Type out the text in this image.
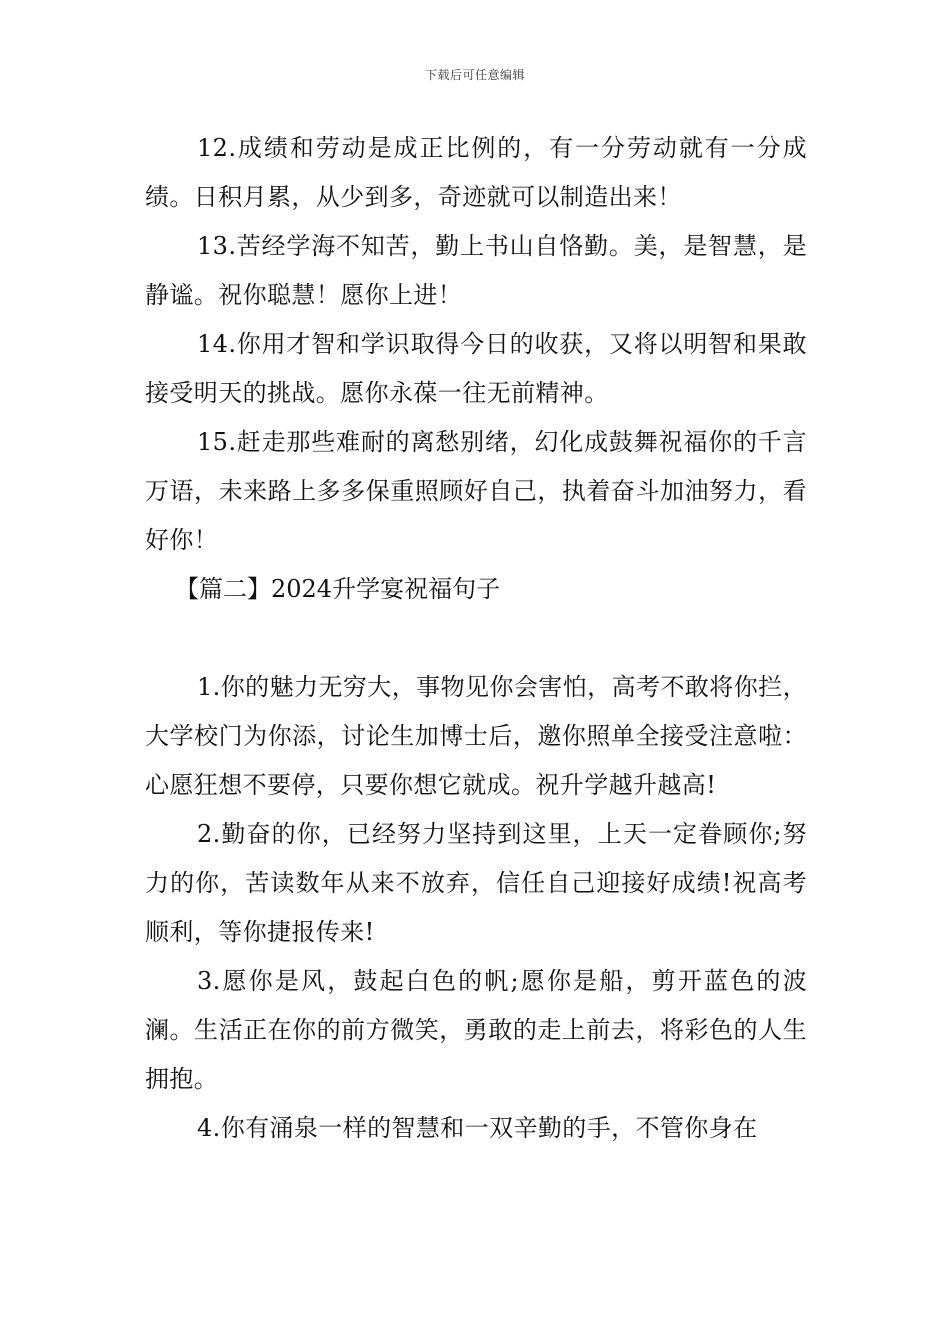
下载后可任意编辑

12.成绩和劳动是成正比例的，有一分劳动就有一分成绩。日积月累，从少到多，奇迹就可以制造出来！

13.苦经学海不知苦，勤上书山自恪勤。美，是智慧，是静谧。祝你聪慧！愿你上进！

14.你用才智和学识取得今日的收获，又将以明智和果敢接受明天的挑战。愿你永葆一往无前精神。

15.赶走那些难耐的离愁别绪，幻化成鼓舞祝福你的千言万语，未来路上多多保重照顾好自己，执着奋斗加油努力，看好你！

【篇二】2024升学宴祝福句子

1.你的魅力无穷大，事物见你会害怕，高考不敢将你拦，大学校门为你添，讨论生加博士后，邀你照单全接受注意啦：心愿狂想不要停，只要你想它就成。祝升学越升越高!

2.勤奋的你，已经努力坚持到这里，上天一定眷顾你;努力的你，苦读数年从来不放弃，信任自己迎接好成绩!祝高考顺利，等你捷报传来!

3.愿你是风，鼓起白色的帆;愿你是船，剪开蓝色的波澜。生活正在你的前方微笑，勇敢的走上前去，将彩色的人生拥抱。

4.你有涌泉一样的智慧和一双辛勤的手，不管你身在
